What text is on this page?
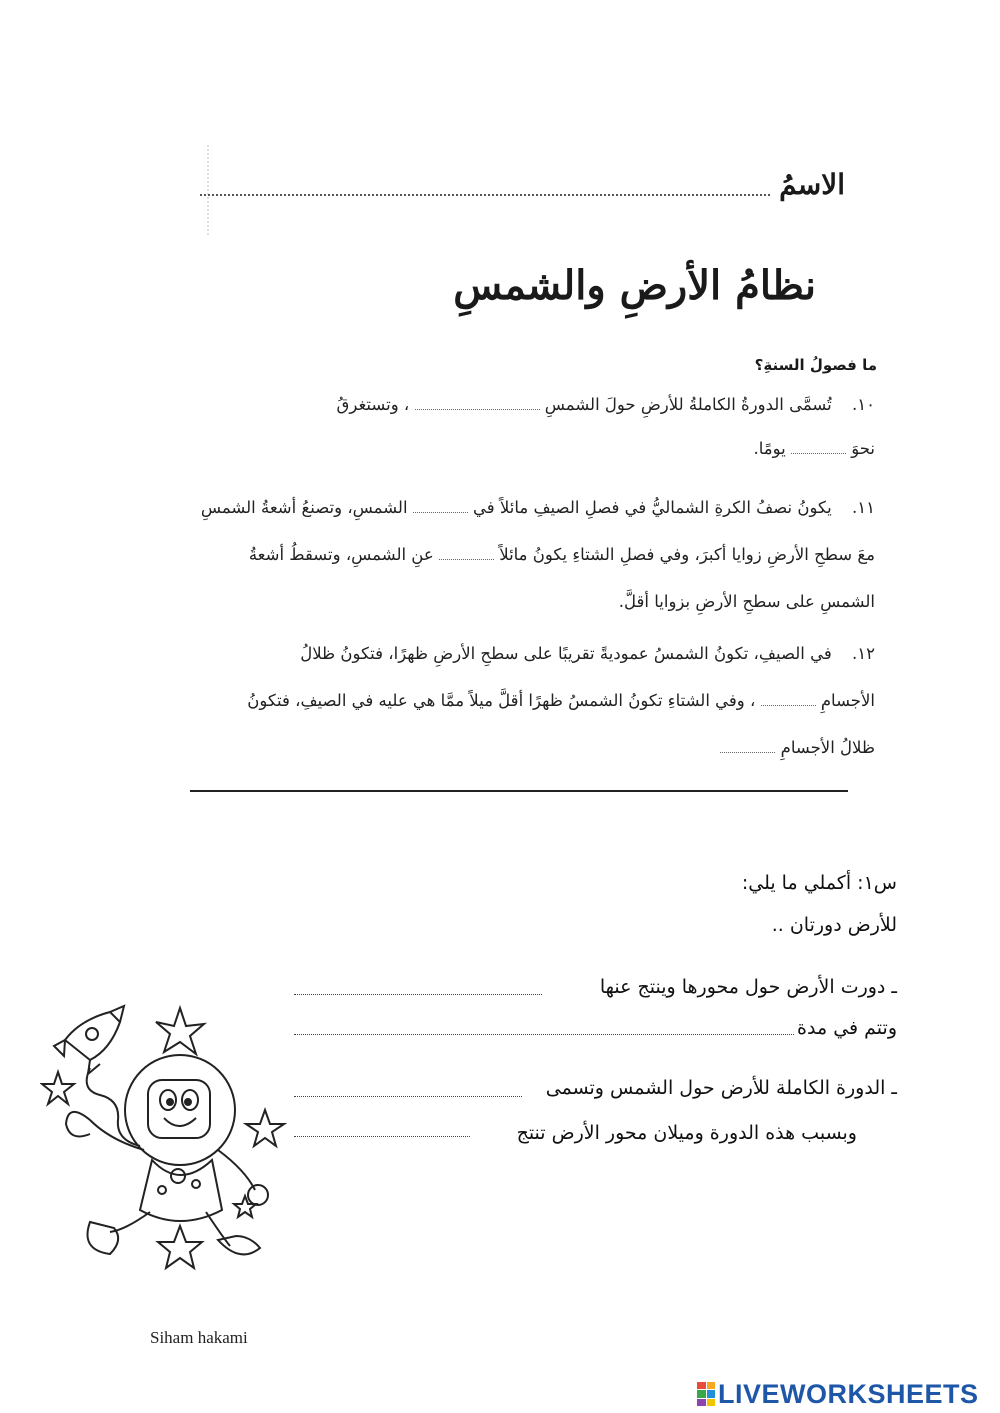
الاسمُ
نظامُ الأرضِ والشمسِ
ما فصولُ السنةِ؟
١٠. تُسمَّى الدورةُ الكاملةُ للأرضِ حولَ الشمسِ  ، وتستغرقُ
نحوَ  يومًا.
١١. يكونُ نصفُ الكرةِ الشماليُّ في فصلِ الصيفِ مائلاً في  الشمسِ، وتصنعُ أشعةُ الشمسِ
معَ سطحِ الأرضِ زوايا أكبرَ، وفي فصلِ الشتاءِ يكونُ مائلاً  عنِ الشمسِ، وتسقطُ أشعةُ
الشمسِ على سطحِ الأرضِ بزوايا أقلَّ.
١٢. في الصيفِ، تكونُ الشمسُ عموديةً تقريبًا على سطحِ الأرضِ ظهرًا، فتكونُ ظلالُ
الأجسامِ  ، وفي الشتاءِ تكونُ الشمسُ ظهرًا أقلَّ ميلاً ممَّا هي عليه في الصيفِ، فتكونُ
ظلالُ الأجسامِ
س١: أكملي ما يلي:
للأرض دورتان ..
ـ دورت الأرض حول محورها وينتج عنها
وتتم في مدة
ـ الدورة الكاملة للأرض حول الشمس وتسمى
وبسبب هذه الدورة وميلان محور الأرض تنتج
Siham hakami
LIVEWORKSHEETS
